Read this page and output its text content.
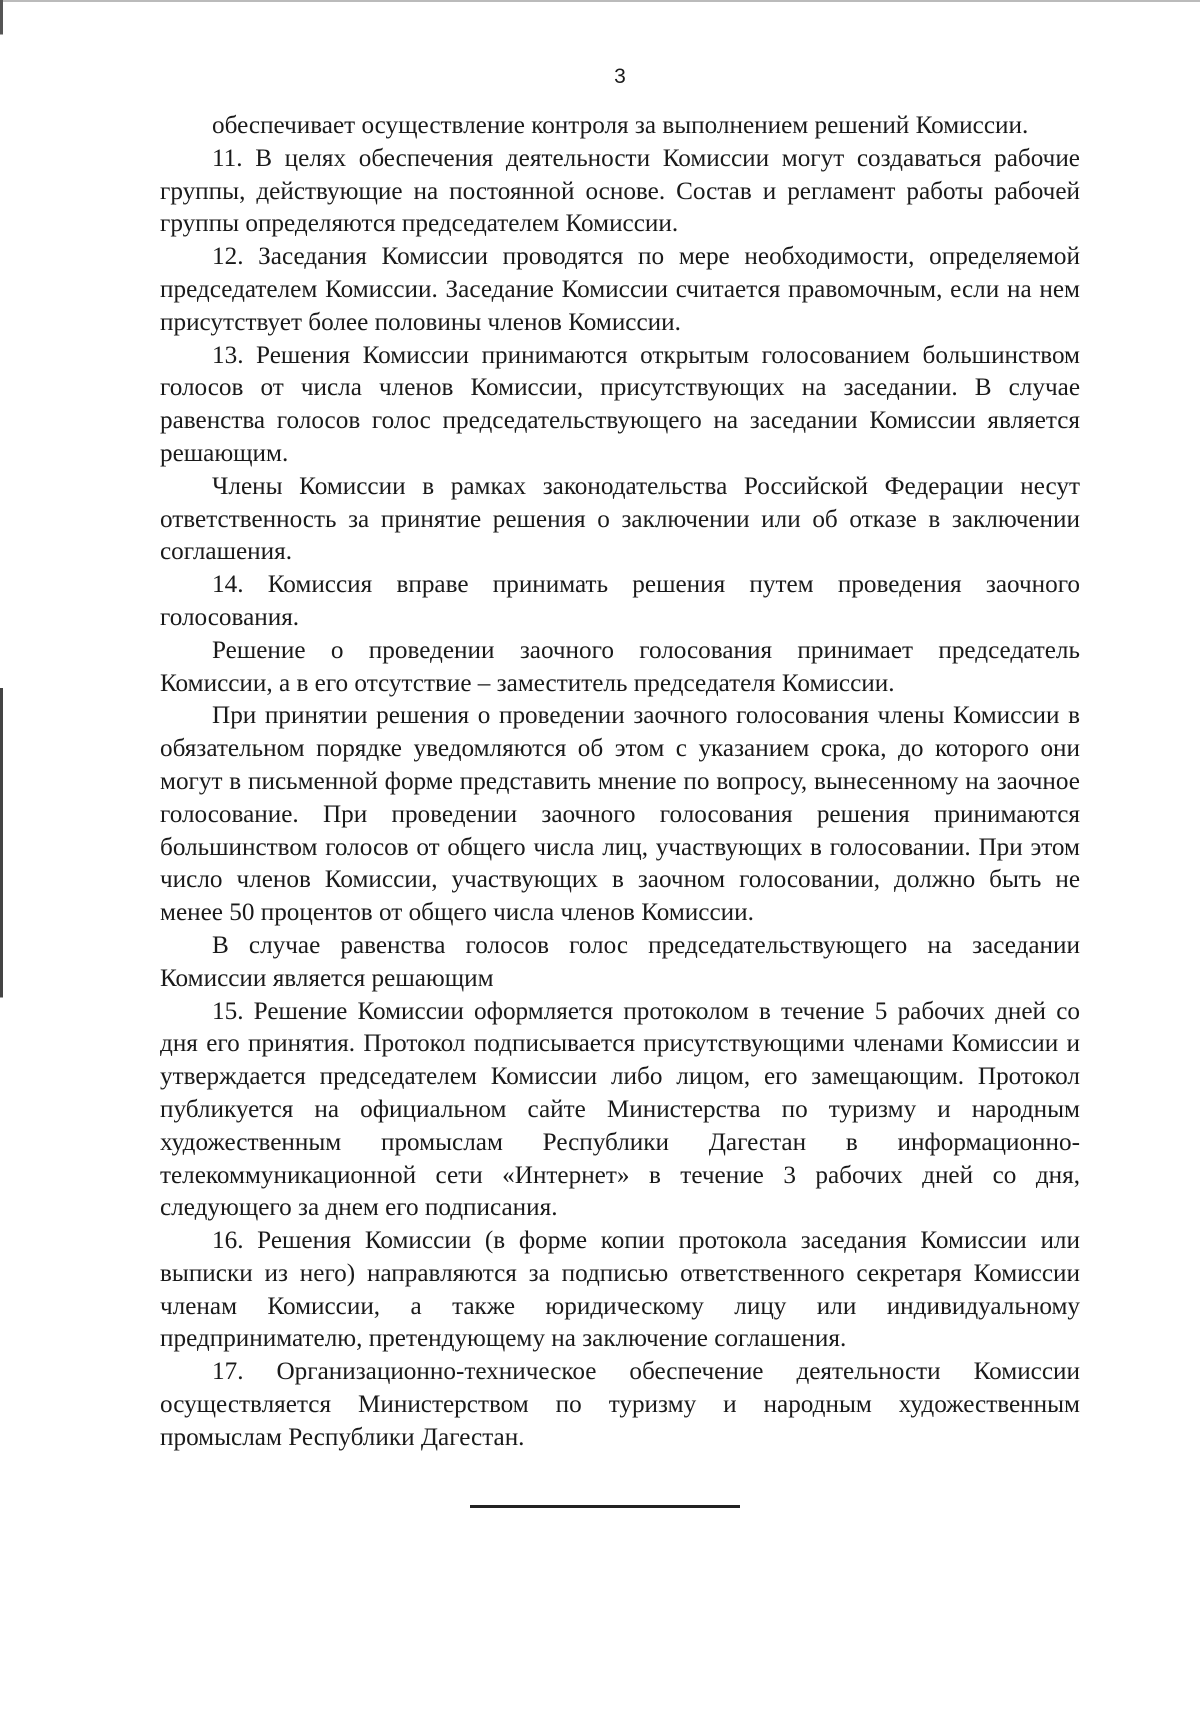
3

обеспечивает осуществление контроля за выполнением решений Комиссии.

11. В целях обеспечения деятельности Комиссии могут создаваться рабочие группы, действующие на постоянной основе. Состав и регламент работы рабочей группы определяются председателем Комиссии.

12. Заседания Комиссии проводятся по мере необходимости, определяемой председателем Комиссии. Заседание Комиссии считается правомочным, если на нем присутствует более половины членов Комиссии.

13. Решения Комиссии принимаются открытым голосованием большинством голосов от числа членов Комиссии, присутствующих на заседании. В случае равенства голосов голос председательствующего на заседании Комиссии является решающим.

Члены Комиссии в рамках законодательства Российской Федерации несут ответственность за принятие решения о заключении или об отказе в заключении соглашения.

14. Комиссия вправе принимать решения путем проведения заочного голосования.

Решение о проведении заочного голосования принимает председатель Комиссии, а в его отсутствие – заместитель председателя Комиссии.

При принятии решения о проведении заочного голосования члены Комиссии в обязательном порядке уведомляются об этом с указанием срока, до которого они могут в письменной форме представить мнение по вопросу, вынесенному на заочное голосование. При проведении заочного голосования решения принимаются большинством голосов от общего числа лиц, участвующих в голосовании. При этом число членов Комиссии, участвующих в заочном голосовании, должно быть не менее 50 процентов от общего числа членов Комиссии.

В случае равенства голосов голос председательствующего на заседании Комиссии является решающим

15. Решение Комиссии оформляется протоколом в течение 5 рабочих дней со дня его принятия. Протокол подписывается присутствующими членами Комиссии и утверждается председателем Комиссии либо лицом, его замещающим. Протокол публикуется на официальном сайте Министерства по туризму и народным художественным промыслам Республики Дагестан в информационно-телекоммуникационной сети «Интернет» в течение 3 рабочих дней со дня, следующего за днем его подписания.

16. Решения Комиссии (в форме копии протокола заседания Комиссии или выписки из него) направляются за подписью ответственного секретаря Комиссии членам Комиссии, а также юридическому лицу или индивидуальному предпринимателю, претендующему на заключение соглашения.

17. Организационно-техническое обеспечение деятельности Комиссии осуществляется Министерством по туризму и народным художественным промыслам Республики Дагестан.
